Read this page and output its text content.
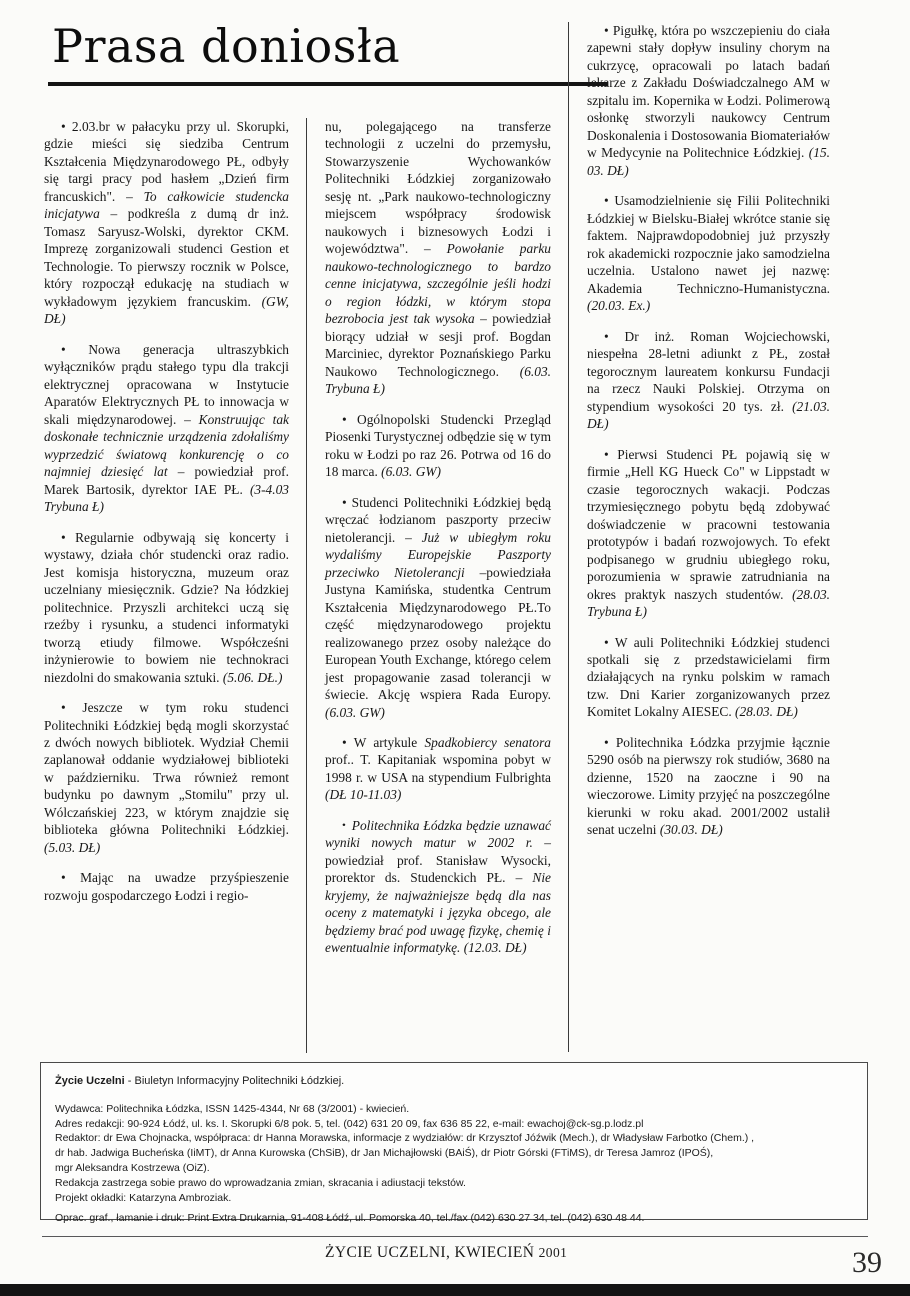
Prasa doniosła

• 2.03.br w pałacyku przy ul. Skorupki, gdzie mieści się siedziba Centrum Kształcenia Międzynarodowego PŁ, odbyły się targi pracy pod hasłem „Dzień firm francuskich". – To całkowicie studencka inicjatywa – podkreśla z dumą dr inż. Tomasz Saryusz-Wolski, dyrektor CKM. Imprezę zorganizowali studenci Gestion et Technologie. To pierwszy rocznik w Polsce, który rozpoczął edukację na studiach w wykładowym językiem francuskim. (GW, DŁ)

• Nowa generacja ultraszybkich wyłączników prądu stałego typu dla trakcji elektrycznej opracowana w Instytucie Aparatów Elektrycznych PŁ to innowacja w skali międzynarodowej. – Konstruując tak doskonałe technicznie urządzenia zdołaliśmy wyprzedzić światową konkurencję o co najmniej dziesięć lat – powiedział prof. Marek Bartosik, dyrektor IAE PŁ. (3-4.03 Trybuna Ł)

• Regularnie odbywają się koncerty i wystawy, działa chór studencki oraz radio. Jest komisja historyczna, muzeum oraz uczelniany miesięcznik. Gdzie? Na łódzkiej politechnice. Przyszli architekci uczą się rzeźby i rysunku, a studenci informatyki tworzą etiudy filmowe. Współcześni inżynierowie to bowiem nie technokraci niezdolni do smakowania sztuki. (5.06. DŁ.)

• Jeszcze w tym roku studenci Politechniki Łódzkiej będą mogli skorzystać z dwóch nowych bibliotek. Wydział Chemii zaplanował oddanie wydziałowej biblioteki w październiku. Trwa również remont budynku po dawnym „Stomilu" przy ul. Wólczańskiej 223, w którym znajdzie się biblioteka główna Politechniki Łódzkiej. (5.03. DŁ)

• Mając na uwadze przyśpieszenie rozwoju gospodarczego Łodzi i regio-

nu, polegającego na transferze technologii z uczelni do przemysłu, Stowarzyszenie Wychowanków Politechniki Łódzkiej zorganizowało sesję nt. „Park naukowo-technologiczny miejscem współpracy środowisk naukowych i biznesowych Łodzi i województwa". – Powołanie parku naukowo-technologicznego to bardzo cenne inicjatywa, szczególnie jeśli hodzi o region łódzki, w którym stopa bezrobocia jest tak wysoka – powiedział biorący udział w sesji prof. Bogdan Marciniec, dyrektor Poznańskiego Parku Naukowo Technologicznego. (6.03. Trybuna Ł)

• Ogólnopolski Studencki Przegląd Piosenki Turystycznej odbędzie się w tym roku w Łodzi po raz 26. Potrwa od 16 do 18 marca. (6.03. GW)

• Studenci Politechniki Łódzkiej będą wręczać łodzianom paszporty przeciw nietolerancji. – Już w ubiegłym roku wydaliśmy Europejskie Paszporty przeciwko Nietolerancji –powiedziała Justyna Kamińska, studentka Centrum Kształcenia Międzynarodowego PŁ.To część międzynarodowego projektu realizowanego przez osoby należące do European Youth Exchange, którego celem jest propagowanie zasad tolerancji w świecie. Akcję wspiera Rada Europy. (6.03. GW)

• W artykule Spadkobiercy senatora prof.. T. Kapitaniak wspomina pobyt w 1998 r. w USA na stypendium Fulbrighta (DŁ 10-11.03)

• Politechnika Łódzka będzie uznawać wyniki nowych matur w 2002 r. – powiedział prof. Stanisław Wysocki, prorektor ds. Studenckich PŁ. – Nie kryjemy, że najważniejsze będą dla nas oceny z matematyki i języka obcego, ale będziemy brać pod uwagę fizykę, chemię i ewentualnie informatykę. (12.03. DŁ)

• Pigułkę, która po wszczepieniu do ciała zapewni stały dopływ insuliny chorym na cukrzycę, opracowali po latach badań lekarze z Zakładu Doświadczalnego AM w szpitalu im. Kopernika w Łodzi. Polimerową osłonkę stworzyli naukowcy Centrum Doskonalenia i Dostosowania Biomateriałów w Medycynie na Politechnice Łódzkiej. (15. 03. DŁ)

• Usamodzielnienie się Filii Politechniki Łódzkiej w Bielsku-Białej wkrótce stanie się faktem. Najprawdopodobniej już przyszły rok akademicki rozpocznie jako samodzielna uczelnia. Ustalono nawet jej nazwę: Akademia Techniczno-Humanistyczna. (20.03. Ex.)

• Dr inż. Roman Wojciechowski, niespełna 28-letni adiunkt z PŁ, został tegorocznym laureatem konkursu Fundacji na rzecz Nauki Polskiej. Otrzyma on stypendium wysokości 20 tys. zł. (21.03. DŁ)

• Pierwsi Studenci PŁ pojawią się w firmie „Hell KG Hueck Co" w Lippstadt w czasie tegorocznych wakacji. Podczas trzymiesięcznego pobytu będą zdobywać doświadczenie w pracowni testowania prototypów i badań rozwojowych. To efekt podpisanego w grudniu ubiegłego roku, porozumienia w sprawie zatrudniania na okres praktyk naszych studentów. (28.03. Trybuna Ł)

• W auli Politechniki Łódzkiej studenci spotkali się z przedstawicielami firm działających na rynku polskim w ramach tzw. Dni Karier zorganizowanych przez Komitet Lokalny AIESEC. (28.03. DŁ)

• Politechnika Łódzka przyjmie łącznie 5290 osób na pierwszy rok studiów, 3680 na dzienne, 1520 na zaoczne i 90 na wieczorowe. Limity przyjęć na poszczególne kierunki w roku akad. 2001/2002 ustalił senat uczelni (30.03. DŁ)

Życie Uczelni - Biuletyn Informacyjny Politechniki Łódzkiej.
Wydawca: Politechnika Łódzka, ISSN 1425-4344, Nr 68 (3/2001) - kwiecień.
Adres redakcji: 90-924 Łódź, ul. ks. I. Skorupki 6/8 pok. 5, tel. (042) 631 20 09, fax 636 85 22, e-mail: ewachoj@ck-sg.p.lodz.pl
Redaktor: dr Ewa Chojnacka, współpraca: dr Hanna Morawska, informacje z wydziałów: dr Krzysztof Jóźwik (Mech.), dr Władysław Farbotko (Chem.) ,
dr hab. Jadwiga Bucheńska (IiMT), dr Anna Kurowska (ChSiB), dr Jan Michajłowski (BAiŚ), dr Piotr Górski (FTiMS), dr Teresa Jamroz (IPOŚ),
mgr Aleksandra Kostrzewa (OiZ).
Redakcja zastrzega sobie prawo do wprowadzania zmian, skracania i adiustacji tekstów.
Projekt okładki: Katarzyna Ambroziak.
Oprac. graf., łamanie i druk: Print Extra Drukarnia, 91-408 Łódź, ul. Pomorska 40, tel./fax (042) 630 27 34, tel. (042) 630 48 44.
ŻYCIE UCZELNI, KWIECIEŃ 2001	39
